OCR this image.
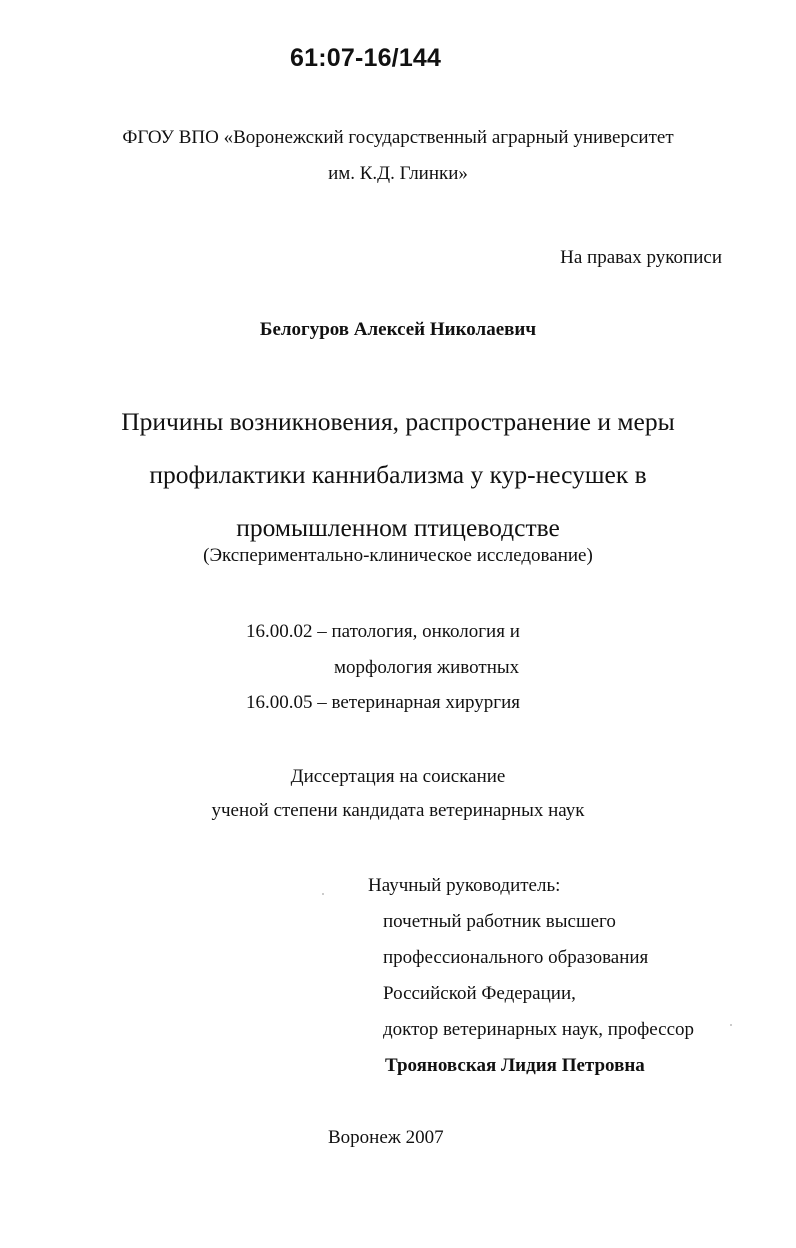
61:07-16/144
ФГОУ ВПО «Воронежский государственный аграрный университет
им. К.Д. Глинки»
На правах рукописи
Белогуров Алексей Николаевич
Причины возникновения, распространение и меры
профилактики каннибализма у кур-несушек в
промышленном птицеводстве
(Экспериментально-клиническое исследование)
16.00.02 – патология, онкология и
морфология животных
16.00.05 – ветеринарная хирургия
Диссертация на соискание
ученой степени кандидата ветеринарных наук
Научный руководитель:
почетный работник высшего
профессионального образования
Российской Федерации,
доктор ветеринарных наук, профессор
Трояновская Лидия Петровна
Воронеж 2007
